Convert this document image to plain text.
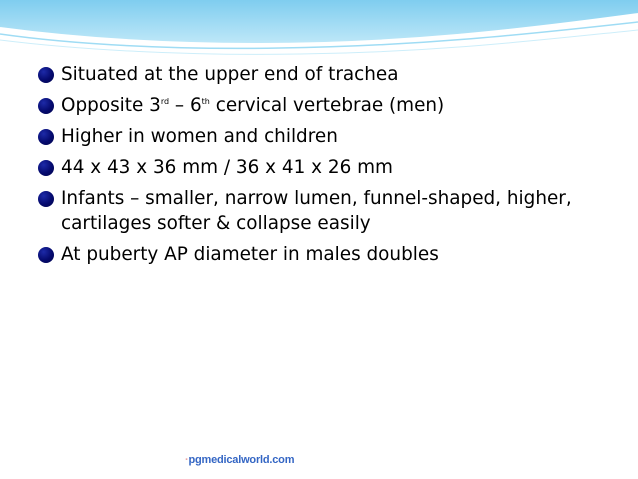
Situated at the upper end of trachea
Opposite 3rd – 6th cervical vertebrae (men)
Higher in women and children
44 x 43 x 36 mm / 36 x 41 x 26 mm
Infants – smaller, narrow lumen, funnel-shaped, higher,
cartilages softer & collapse easily
At puberty AP diameter in males doubles
·pgmedicalworld.com
